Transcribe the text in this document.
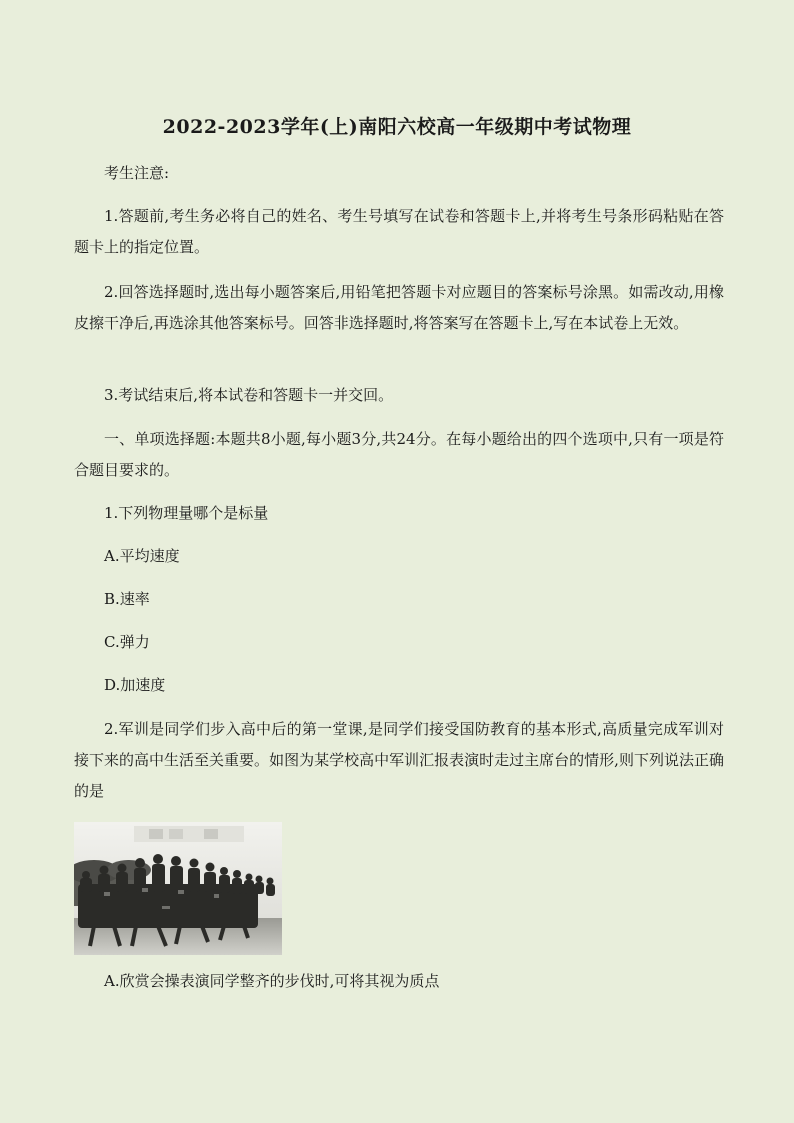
2022-2023学年(上)南阳六校高一年级期中考试物理
考生注意:
1.答题前,考生务必将自己的姓名、考生号填写在试卷和答题卡上,并将考生号条形码粘贴在答题卡上的指定位置。
2.回答选择题时,选出每小题答案后,用铅笔把答题卡对应题目的答案标号涂黑。如需改动,用橡皮擦干净后,再选涂其他答案标号。回答非选择题时,将答案写在答题卡上,写在本试卷上无效。
3.考试结束后,将本试卷和答题卡一并交回。
一、单项选择题:本题共8小题,每小题3分,共24分。在每小题给出的四个选项中,只有一项是符合题目要求的。
1.下列物理量哪个是标量
A.平均速度
B.速率
C.弹力
D.加速度
2.军训是同学们步入高中后的第一堂课,是同学们接受国防教育的基本形式,高质量完成军训对接下来的高中生活至关重要。如图为某学校高中军训汇报表演时走过主席台的情形,则下列说法正确的是
A.欣赏会操表演同学整齐的步伐时,可将其视为质点
